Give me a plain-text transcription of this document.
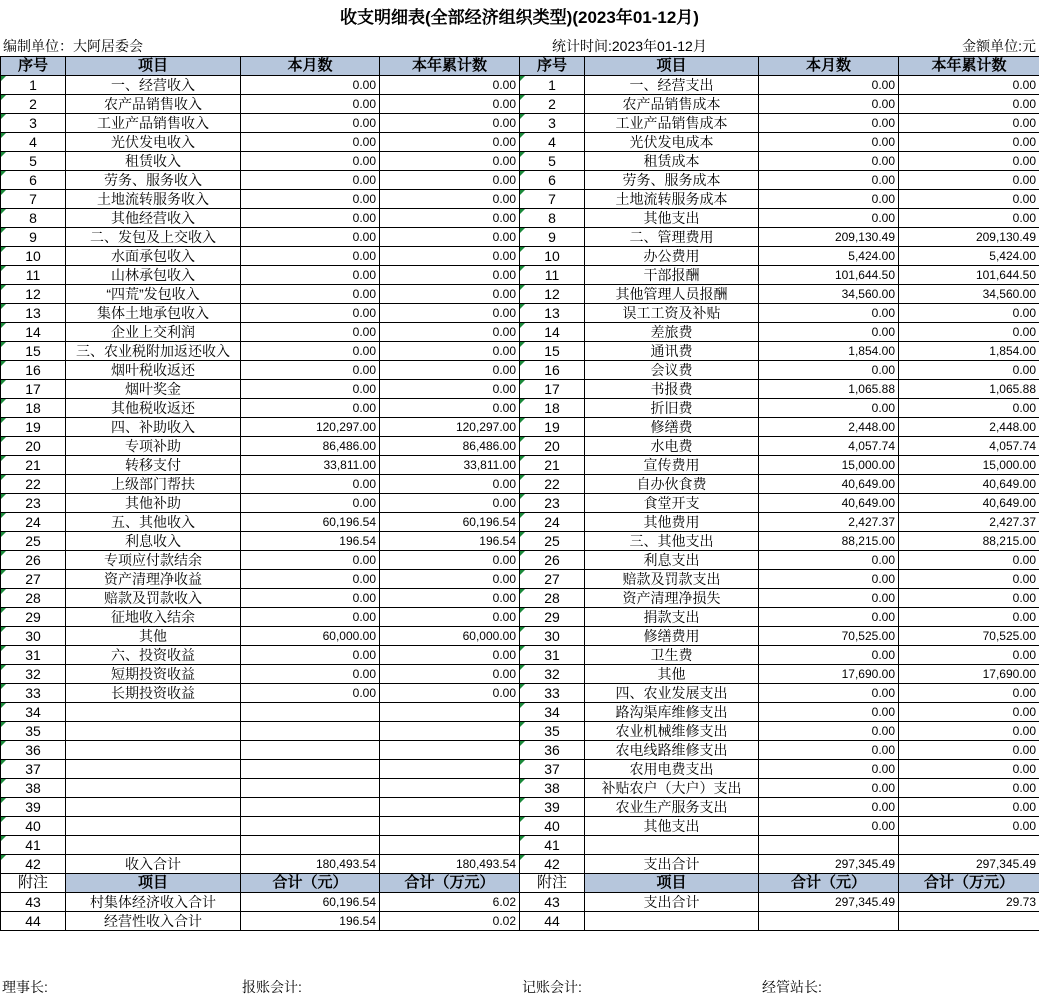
收支明细表(全部经济组织类型)(2023年01-12月)
编制单位：大阿居委会	统计时间:2023年01-12月	金额单位:元
序号	项目	本月数	本年累计数	序号	项目	本月数	本年累计数
1	一、经营收入	0.00	0.00	1	一、经营支出	0.00	0.00
2	农产品销售收入	0.00	0.00	2	农产品销售成本	0.00	0.00
3	工业产品销售收入	0.00	0.00	3	工业产品销售成本	0.00	0.00
4	光伏发电收入	0.00	0.00	4	光伏发电成本	0.00	0.00
5	租赁收入	0.00	0.00	5	租赁成本	0.00	0.00
6	劳务、服务收入	0.00	0.00	6	劳务、服务成本	0.00	0.00
7	土地流转服务收入	0.00	0.00	7	土地流转服务成本	0.00	0.00
8	其他经营收入	0.00	0.00	8	其他支出	0.00	0.00
9	二、发包及上交收入	0.00	0.00	9	二、管理费用	209,130.49	209,130.49
10	水面承包收入	0.00	0.00	10	办公费用	5,424.00	5,424.00
11	山林承包收入	0.00	0.00	11	干部报酬	101,644.50	101,644.50
12	“四荒”发包收入	0.00	0.00	12	其他管理人员报酬	34,560.00	34,560.00
13	集体土地承包收入	0.00	0.00	13	误工工资及补贴	0.00	0.00
14	企业上交利润	0.00	0.00	14	差旅费	0.00	0.00
15	三、农业税附加返还收入	0.00	0.00	15	通讯费	1,854.00	1,854.00
16	烟叶税收返还	0.00	0.00	16	会议费	0.00	0.00
17	烟叶奖金	0.00	0.00	17	书报费	1,065.88	1,065.88
18	其他税收返还	0.00	0.00	18	折旧费	0.00	0.00
19	四、补助收入	120,297.00	120,297.00	19	修缮费	2,448.00	2,448.00
20	专项补助	86,486.00	86,486.00	20	水电费	4,057.74	4,057.74
21	转移支付	33,811.00	33,811.00	21	宣传费用	15,000.00	15,000.00
22	上级部门帮扶	0.00	0.00	22	自办伙食费	40,649.00	40,649.00
23	其他补助	0.00	0.00	23	食堂开支	40,649.00	40,649.00
24	五、其他收入	60,196.54	60,196.54	24	其他费用	2,427.37	2,427.37
25	利息收入	196.54	196.54	25	三、其他支出	88,215.00	88,215.00
26	专项应付款结余	0.00	0.00	26	利息支出	0.00	0.00
27	资产清理净收益	0.00	0.00	27	赔款及罚款支出	0.00	0.00
28	赔款及罚款收入	0.00	0.00	28	资产清理净损失	0.00	0.00
29	征地收入结余	0.00	0.00	29	捐款支出	0.00	0.00
30	其他	60,000.00	60,000.00	30	修缮费用	70,525.00	70,525.00
31	六、投资收益	0.00	0.00	31	卫生费	0.00	0.00
32	短期投资收益	0.00	0.00	32	其他	17,690.00	17,690.00
33	长期投资收益	0.00	0.00	33	四、农业发展支出	0.00	0.00
34				34	路沟渠库维修支出	0.00	0.00
35				35	农业机械维修支出	0.00	0.00
36				36	农电线路维修支出	0.00	0.00
37				37	农用电费支出	0.00	0.00
38				38	补贴农户（大户）支出	0.00	0.00
39				39	农业生产服务支出	0.00	0.00
40				40	其他支出	0.00	0.00
41				41			
42	收入合计	180,493.54	180,493.54	42	支出合计	297,345.49	297,345.49
附注	项目	合计（元）	合计（万元）	附注	项目	合计（元）	合计（万元）
43	村集体经济收入合计	60,196.54	6.02	43	支出合计	297,345.49	29.73
44	经营性收入合计	196.54	0.02	44			
理事长:	报账会计:	记账会计:	经管站长:
